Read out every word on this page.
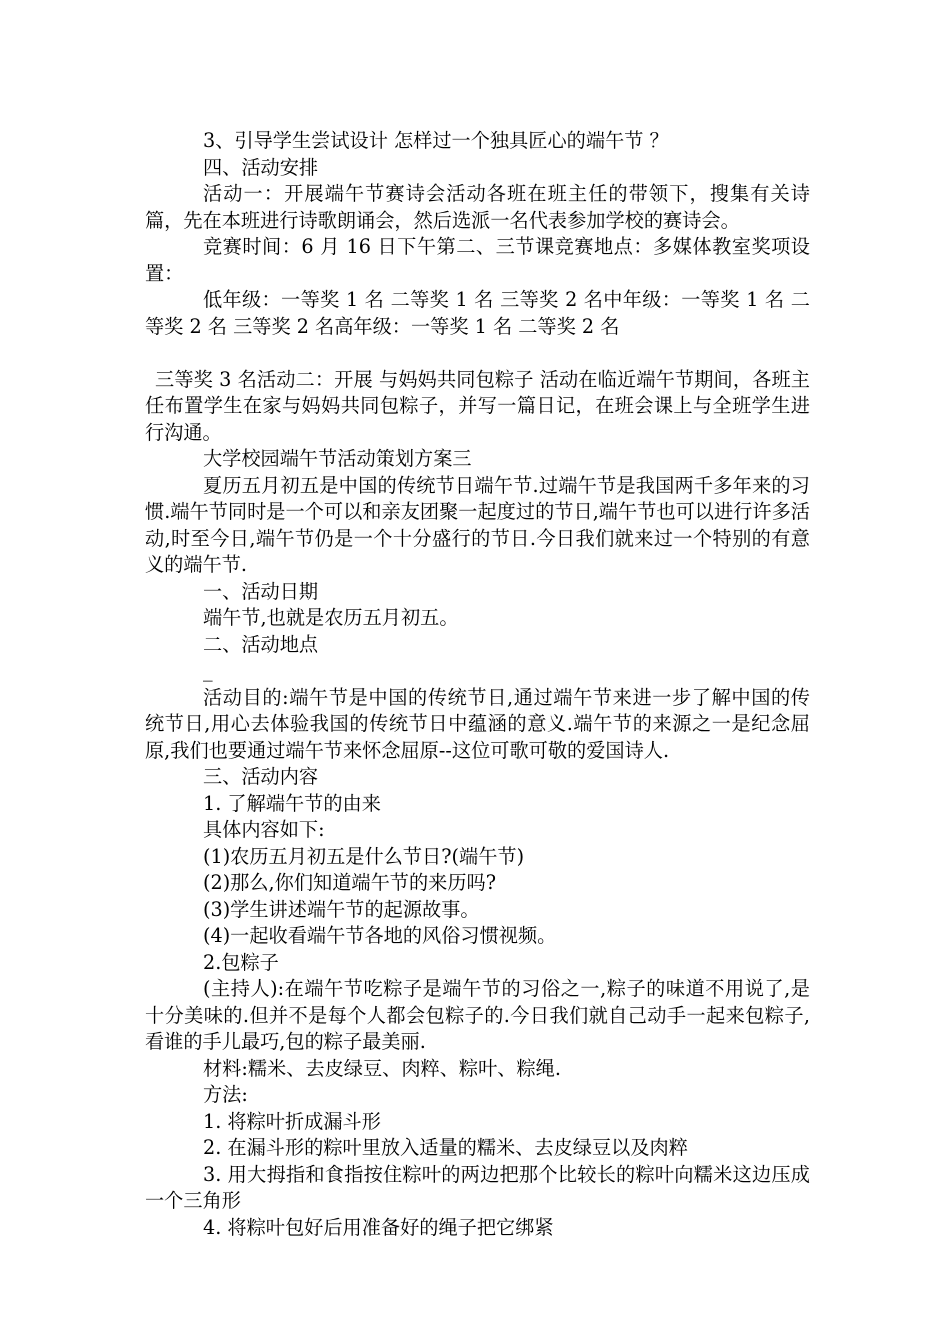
3、引导学生尝试设计 怎样过一个独具匠心的端午节 ？

四、活动安排

活动一：开展端午节赛诗会活动各班在班主任的带领下，搜集有关诗篇，先在本班进行诗歌朗诵会，然后选派一名代表参加学校的赛诗会。

竞赛时间：6 月 16 日下午第二、三节课竞赛地点：多媒体教室奖项设置：

低年级：一等奖 1 名 二等奖 1 名 三等奖 2 名中年级：一等奖 1 名 二等奖 2 名 三等奖 2 名高年级：一等奖 1 名 二等奖 2 名

三等奖 3 名活动二：开展 与妈妈共同包粽子 活动在临近端午节期间，各班主任布置学生在家与妈妈共同包粽子，并写一篇日记，在班会课上与全班学生进行沟通。

大学校园端午节活动策划方案三

夏历五月初五是中国的传统节日端午节.过端午节是我国两千多年来的习惯.端午节同时是一个可以和亲友团聚一起度过的节日,端午节也可以进行许多活动,时至今日,端午节仍是一个十分盛行的节日.今日我们就来过一个特别的有意义的端午节.

一、活动日期

端午节,也就是农历五月初五。

二、活动地点

_

活动目的:端午节是中国的传统节日,通过端午节来进一步了解中国的传统节日,用心去体验我国的传统节日中蕴涵的意义.端午节的来源之一是纪念屈原,我们也要通过端午节来怀念屈原--这位可歌可敬的爱国诗人.

三、活动内容

1. 了解端午节的由来

具体内容如下:

(1)农历五月初五是什么节日?(端午节)

(2)那么,你们知道端午节的来历吗?

(3)学生讲述端午节的起源故事。

(4)一起收看端午节各地的风俗习惯视频。

2.包粽子

(主持人):在端午节吃粽子是端午节的习俗之一,粽子的味道不用说了,是十分美味的.但并不是每个人都会包粽子的.今日我们就自己动手一起来包粽子,看谁的手儿最巧,包的粽子最美丽.

材料:糯米、去皮绿豆、肉粹、粽叶、粽绳.

方法:

1. 将粽叶折成漏斗形

2. 在漏斗形的粽叶里放入适量的糯米、去皮绿豆以及肉粹

3. 用大拇指和食指按住粽叶的两边把那个比较长的粽叶向糯米这边压成一个三角形

4. 将粽叶包好后用准备好的绳子把它绑紧
